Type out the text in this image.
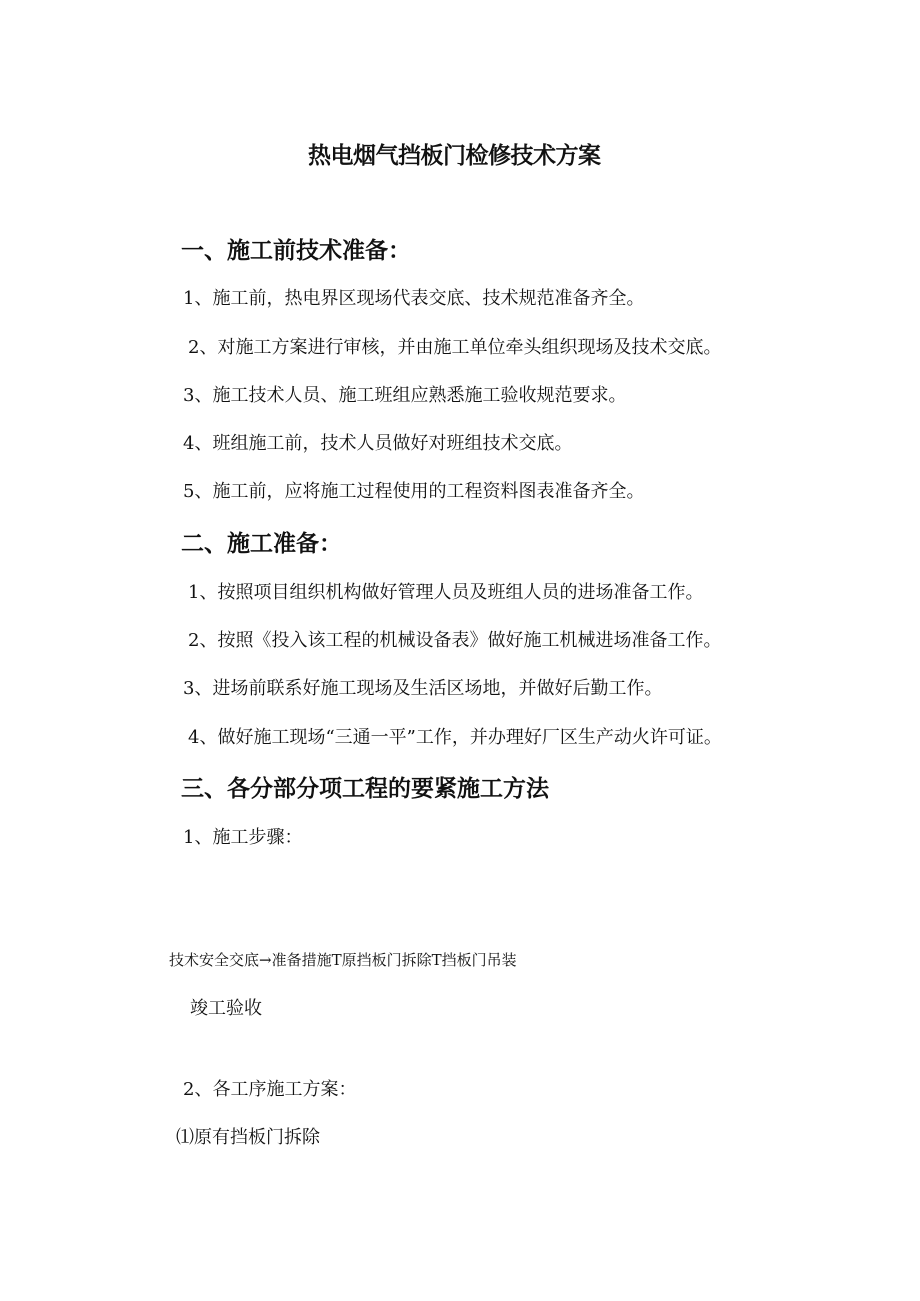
热电烟气挡板门检修技术方案
一、施工前技术准备：

1、施工前，热电界区现场代表交底、技术规范准备齐全。

2、对施工方案进行审核，并由施工单位牵头组织现场及技术交底。

3、施工技术人员、施工班组应熟悉施工验收规范要求。

4、班组施工前，技术人员做好对班组技术交底。

5、施工前，应将施工过程使用的工程资料图表准备齐全。

二、施工准备：

1、按照项目组织机构做好管理人员及班组人员的进场准备工作。

2、按照《投入该工程的机械设备表》做好施工机械进场准备工作。

3、进场前联系好施工现场及生活区场地，并做好后勤工作。

4、做好施工现场“三通一平”工作，并办理好厂区生产动火许可证。

三、各分部分项工程的要紧施工方法

1、施工步骤：

技术安全交底→准备措施T原挡板门拆除T挡板门吊装

竣工验收

2、各工序施工方案：

⑴原有挡板门拆除
